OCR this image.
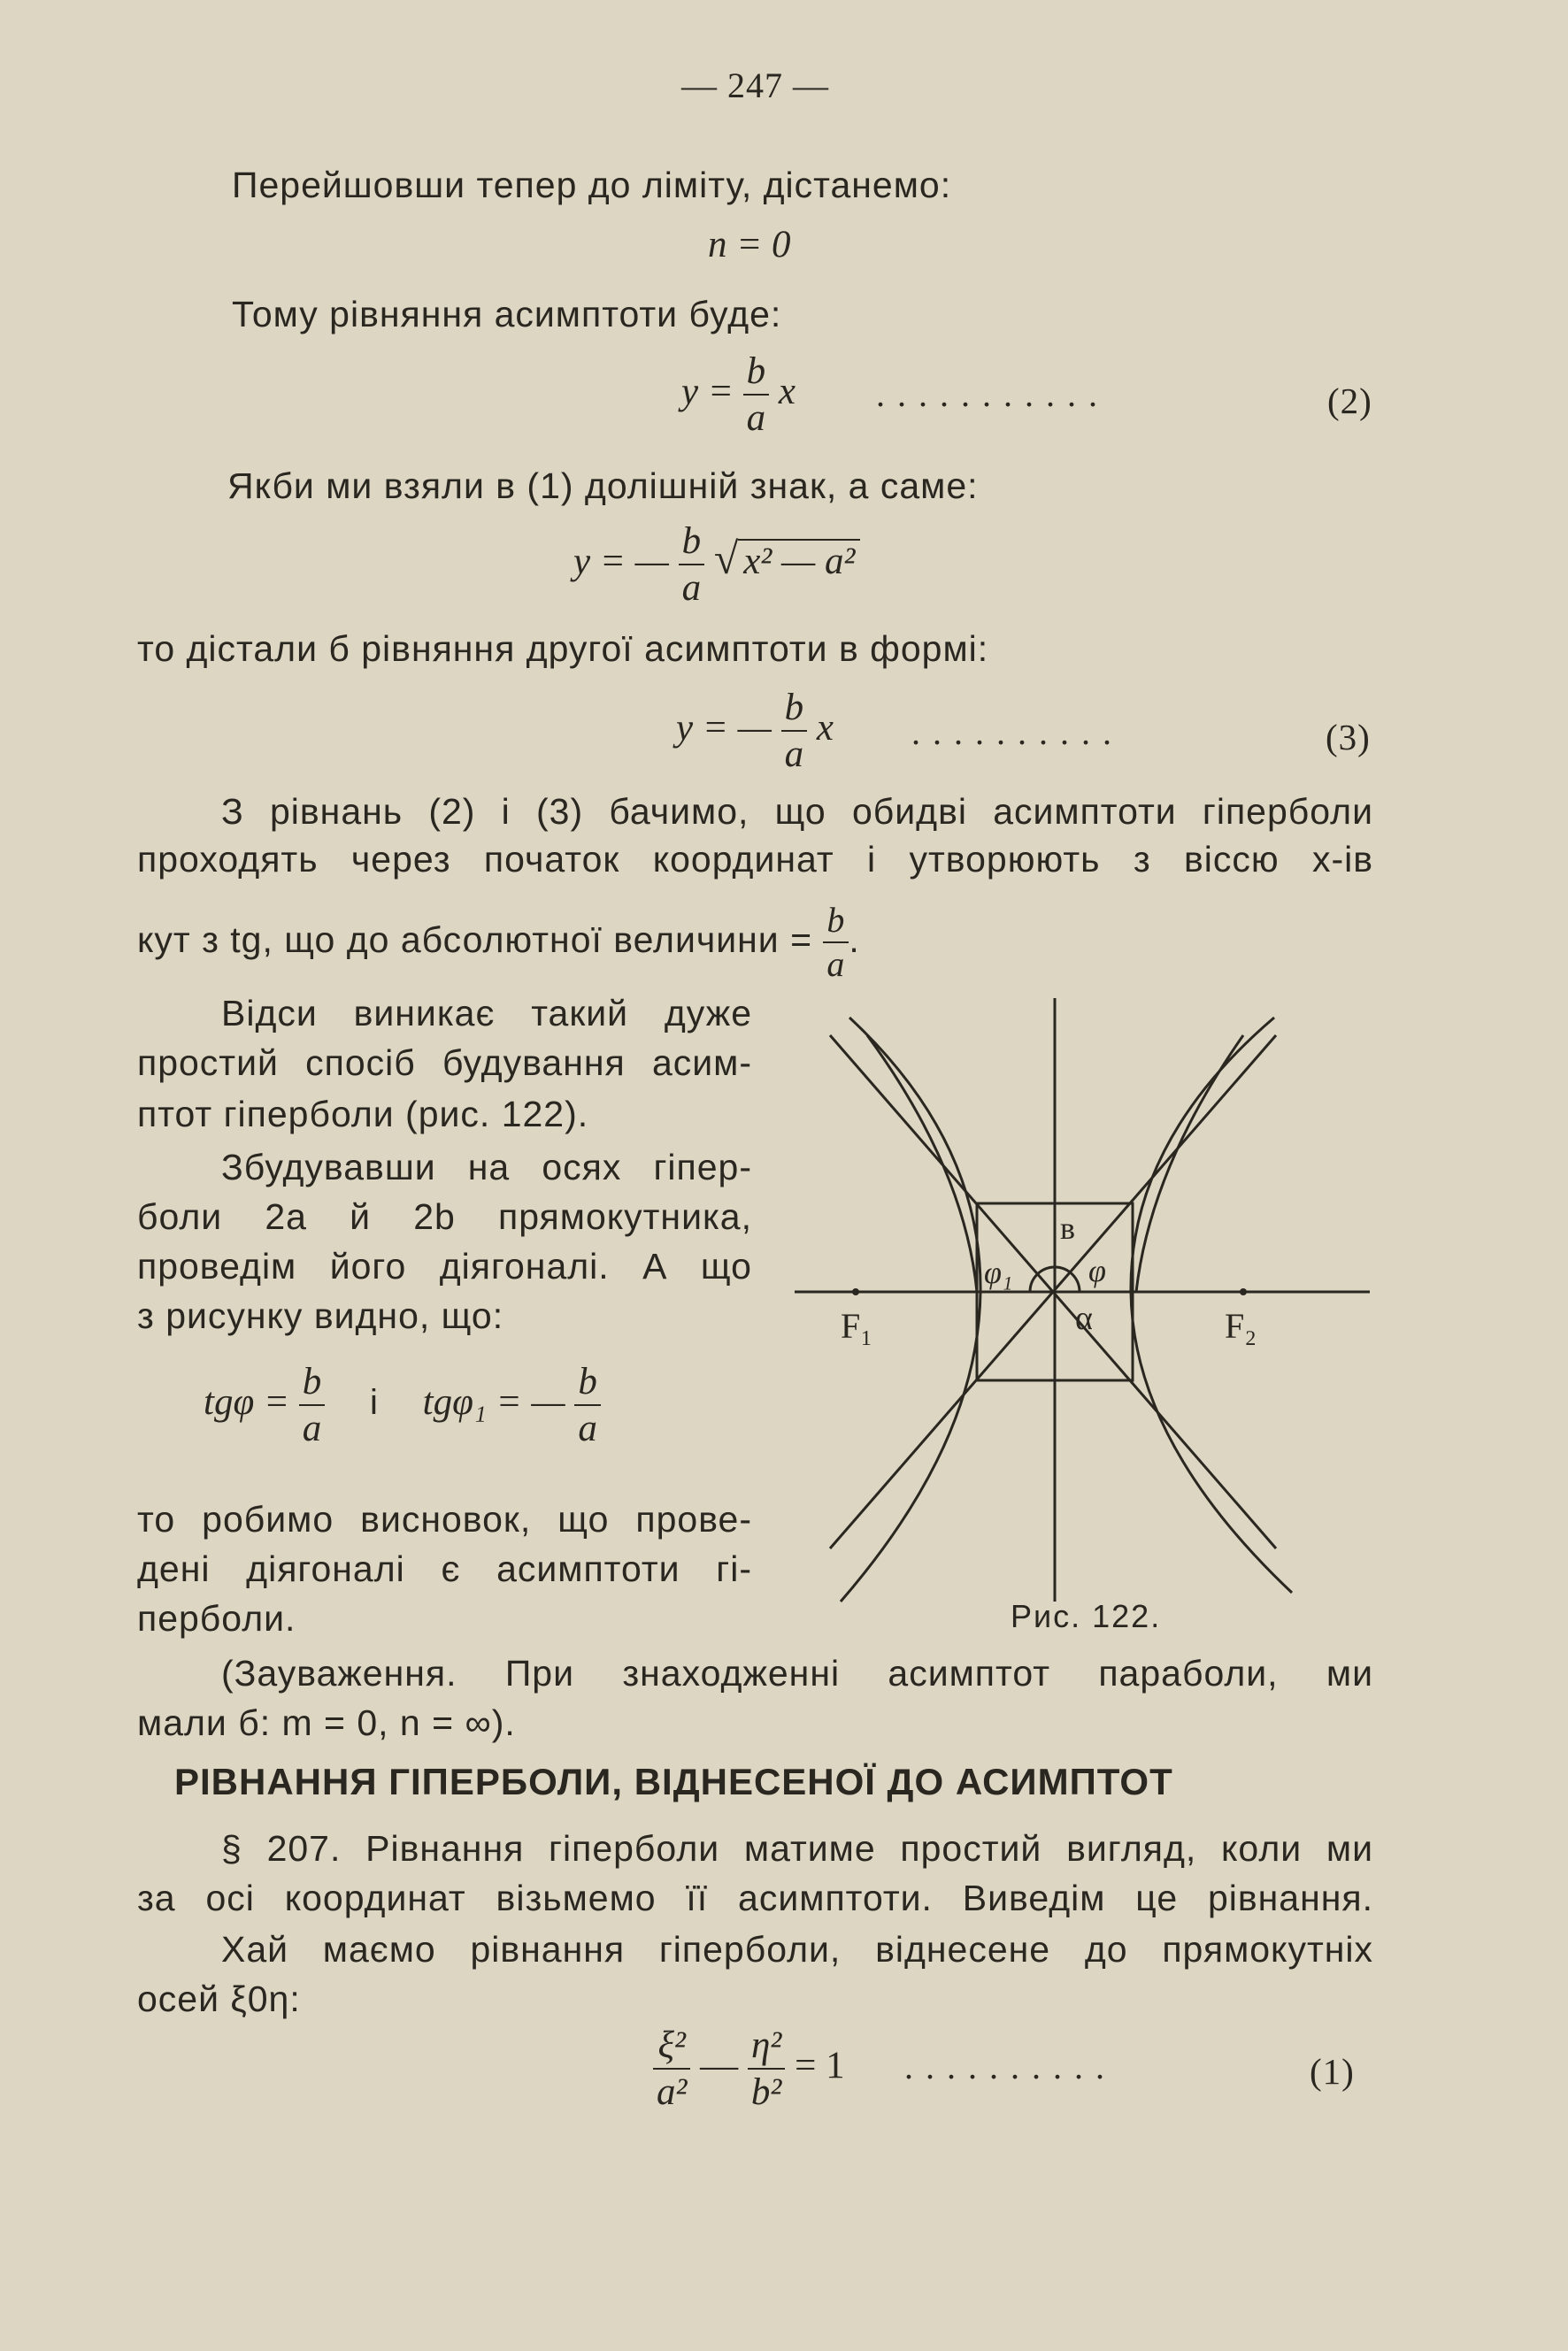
— 247 —
Перейшовши тепер до ліміту, дістанемо:
n = 0
Тому рівняння асимптоти буде:
$y = \frac{b}{a}$ x ...........	(2)
Якби ми взяли в (1) долішній знак, а саме:
y = — $\frac{b}{a}$ √ x² — a²
то дістали б рівняння другої асимптоти в формі:
y = — $\frac{b}{a}$ x ..........	(3)
З рівнань (2) і (3) бачимо, що обидві асимптоти гіперболи
проходять через початок координат і утворюють з віссю x-ів
кут з tg, що до абсолютної величини = $\frac{b}{a}$ .
Відси виникає такий дуже
простий спосіб будування асим-
птот гіперболи (рис. 122).
Збудувавши на осях гіпер-
боли 2a й 2b прямокутника,
проведім його діягоналі. А що
з рисунку видно, що:
$tg\varphi = \frac{b}{a}$ і tgφ₁ = — $\frac{b}{a}$
то робимо висновок, що прове-
дені діягоналі є асимптоти гі-
перболи.
в
φ₁ φ
α
F₁	F₂
Рис. 122.
(Зауваження. При знаходженні асимптот параболи, ми
мали б: m = 0, n = ∞).
РІВНАННЯ ГІПЕРБОЛИ, ВІДНЕСЕНОЇ ДО АСИМПТОТ
§ 207. Рівнання гіперболи матиме простий вигляд, коли ми
за осі координат візьмемо її асимптоти. Виведім це рівнання.
Хай маємо рівнання гіперболи, віднесене до прямокутніх
осей ξ0η:
$\frac{\text{ξ²}}{\text{a²}}$ — $\frac{\text{η²}}{\text{b²}} = 1$ ..........	(1)
